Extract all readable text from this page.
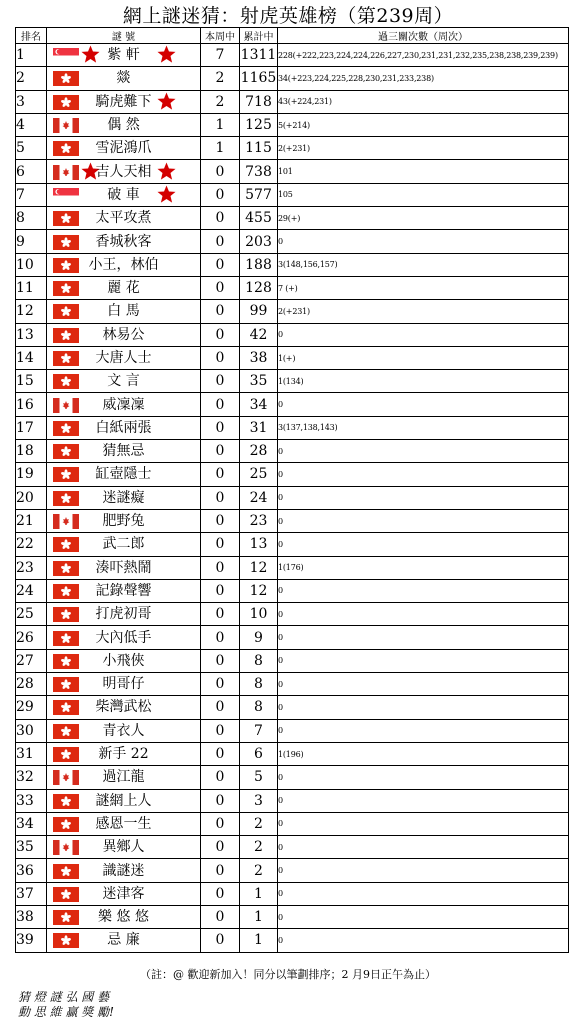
網上謎迷猜：射虎英雄榜（第239周）
排名	謎 號	本周中	累計中	過三關次數（周次）
1	紫 軒	7	1311	228(+222,223,224,224,226,227,230,231,231,232,235,238,238,239,239)
2	燚	2	1165	34(+223,224,225,228,230,231,233,238)
3	騎虎難下	2	718	43(+224,231)
4	偶 然	1	125	5(+214)
5	雪泥鴻爪	1	115	2(+231)
6	吉人天相	0	738	101
7	破 車	0	577	105
8	太平攻煮	0	455	29(+)
9	香城秋客	0	203	0
10	小王，林伯	0	188	3(148,156,157)
11	麗 花	0	128	7 (+)
12	白 馬	0	99	2(+231)
13	林易公	0	42	0
14	大唐人士	0	38	1(+)
15	文 言	0	35	1(134)
16	威凜凜	0	34	0
17	白紙兩張	0	31	3(137,138,143)
18	猜無忌	0	28	0
19	缸壺隱士	0	25	0
20	迷謎癡	0	24	0
21	肥野兔	0	23	0
22	武二郎	0	13	0
23	湊吓熱鬧	0	12	1(176)
24	記錄聲響	0	12	0
25	打虎初哥	0	10	0
26	大內低手	0	9	0
27	小飛俠	0	8	0
28	明哥仔	0	8	0
29	柴灣武松	0	8	0
30	青衣人	0	7	0
31	新手 22	0	6	1(196)
32	過江龍	0	5	0
33	謎網上人	0	3	0
34	感恩一生	0	2	0
35	異鄉人	0	2	0
36	識謎迷	0	2	0
37	迷津客	0	1	0
38	樂 悠 悠	0	1	0
39	忌 廉	0	1	0
（註：@ 歡迎新加入！同分以筆劃排序；2 月9日正午為止）
猜 燈 謎 弘 國 藝
動 思 維 贏 獎 勵!
